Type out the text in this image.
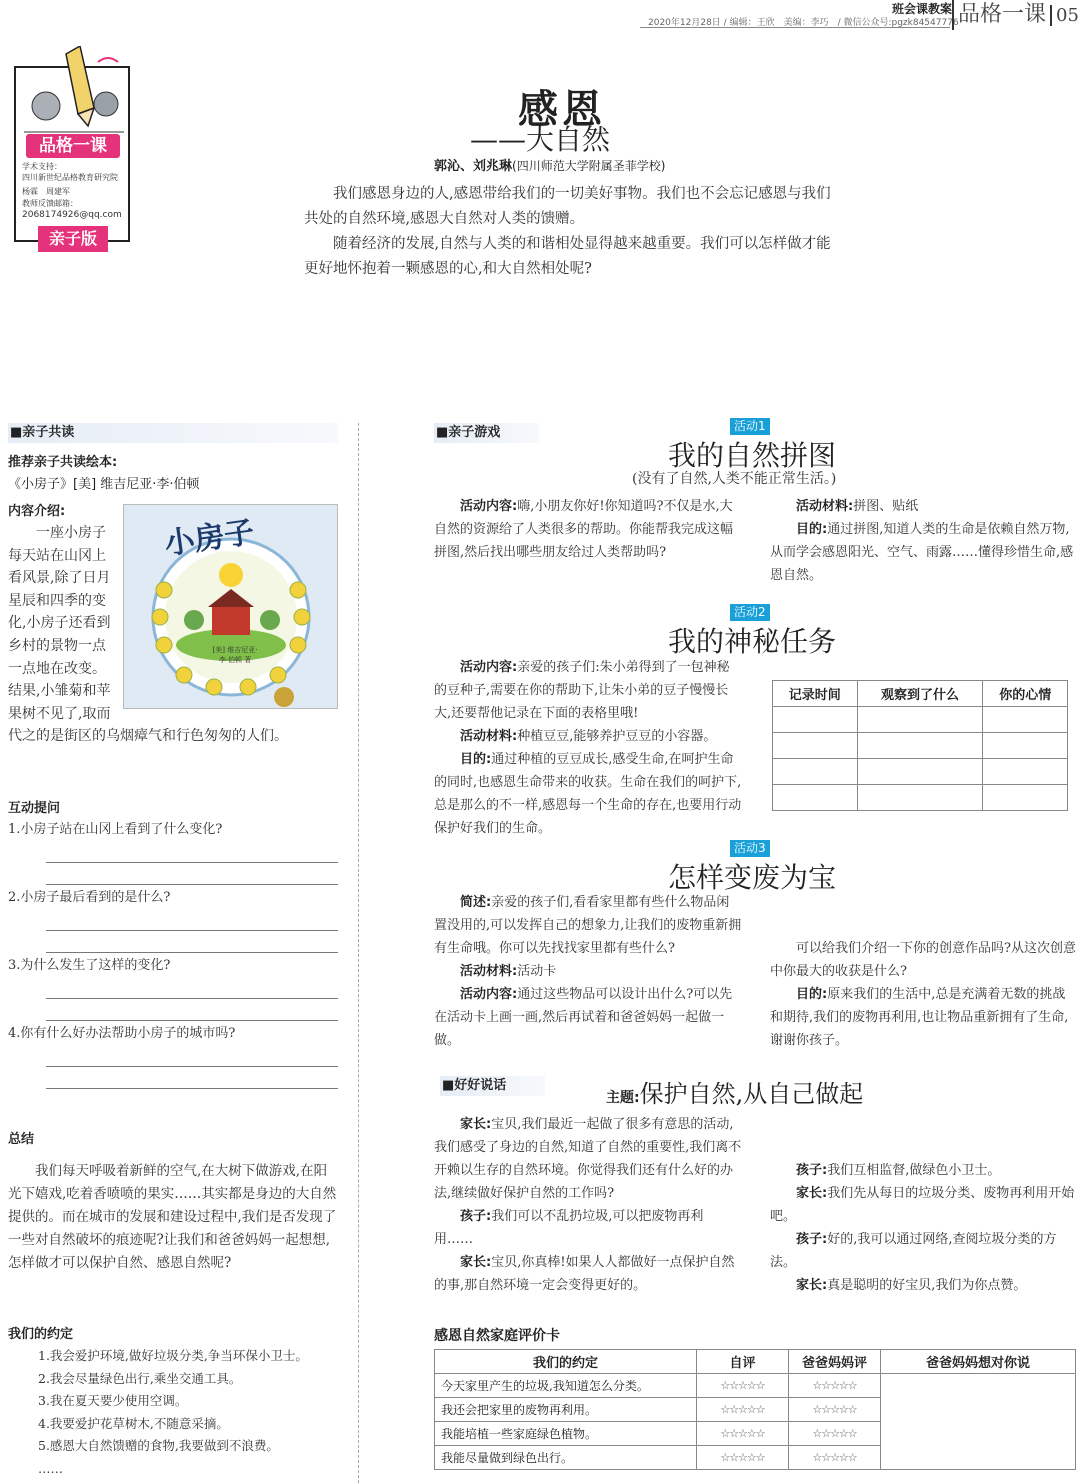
班会课教案
2020年12月28日 / 编辑：王欣　美编：李巧　/ 微信公众号:pgzk84547776 品格一课 05
品格一课
学术支持：
四川新世纪品格教育研究院
杨霖　周建军
教师反馈邮箱：
2068174926@qq.com
亲子版
感恩
——大自然
郭沁、刘兆琳(四川师范大学附属圣菲学校)

我们感恩身边的人,感恩带给我们的一切美好事物。我们也不会忘记感恩与我们共处的自然环境,感恩大自然对人类的馈赠。

随着经济的发展,自然与人类的和谐相处显得越来越重要。我们可以怎样做才能更好地怀抱着一颗感恩的心,和大自然相处呢?

■亲子共读
推荐亲子共读绘本:
《小房子》[美] 维吉尼亚·李·伯顿
内容介绍:
一座小房子每天站在山冈上看风景,除了日月星辰和四季的变化,小房子还看到乡村的景物一点一点地在改变。结果,小雏菊和苹果树不见了,取而代之的是街区的乌烟瘴气和行色匆匆的人们。
小房子
[美] 维吉尼亚·李·伯顿 著
互动提问
1.小房子站在山冈上看到了什么变化?
2.小房子最后看到的是什么?
3.为什么发生了这样的变化?
4.你有什么好办法帮助小房子的城市吗?
总结
我们每天呼吸着新鲜的空气,在大树下做游戏,在阳光下嬉戏,吃着香喷喷的果实……其实都是身边的大自然提供的。而在城市的发展和建设过程中,我们是否发现了一些对自然破坏的痕迹呢?让我们和爸爸妈妈一起想想,怎样做才可以保护自然、感恩自然呢?
我们的约定
1.我会爱护环境,做好垃圾分类,争当环保小卫士。
2.我会尽量绿色出行,乘坐交通工具。
3.我在夏天要少使用空调。
4.我要爱护花草树木,不随意采摘。
5.感恩大自然馈赠的食物,我要做到不浪费。
……
■亲子游戏	活动1
我的自然拼图
(没有了自然,人类不能正常生活。)
活动内容:嗨,小朋友你好!你知道吗?不仅是水,大自然的资源给了人类很多的帮助。你能帮我完成这幅拼图,然后找出哪些朋友给过人类帮助吗?
活动材料:拼图、贴纸
目的:通过拼图,知道人类的生命是依赖自然万物,从而学会感恩阳光、空气、雨露……懂得珍惜生命,感恩自然。
活动2
我的神秘任务
活动内容:亲爱的孩子们:朱小弟得到了一包神秘的豆种子,需要在你的帮助下,让朱小弟的豆子慢慢长大,还要帮他记录在下面的表格里哦!
活动材料:种植豆豆,能够养护豆豆的小容器。
目的:通过种植的豆豆成长,感受生命,在呵护生命的同时,也感恩生命带来的收获。生命在我们的呵护下,总是那么的不一样,感恩每一个生命的存在,也要用行动保护好我们的生命。
记录时间	观察到了什么	你的心情

活动3
怎样变废为宝
简述:亲爱的孩子们,看看家里都有些什么物品闲置没用的,可以发挥自己的想象力,让我们的废物重新拥有生命哦。你可以先找找家里都有些什么?
活动材料:活动卡
活动内容:通过这些物品可以设计出什么?可以先在活动卡上画一画,然后再试着和爸爸妈妈一起做一做。
可以给我们介绍一下你的创意作品吗?从这次创意中你最大的收获是什么?
目的:原来我们的生活中,总是充满着无数的挑战和期待,我们的废物再利用,也让物品重新拥有了生命,谢谢你孩子。
■好好说话
主题:保护自然,从自己做起
家长:宝贝,我们最近一起做了很多有意思的活动,我们感受了身边的自然,知道了自然的重要性,我们离不开赖以生存的自然环境。你觉得我们还有什么好的办法,继续做好保护自然的工作吗?
孩子:我们可以不乱扔垃圾,可以把废物再利用……
家长:宝贝,你真棒!如果人人都做好一点保护自然的事,那自然环境一定会变得更好的。
孩子:我们互相监督,做绿色小卫士。
家长:我们先从每日的垃圾分类、废物再利用开始吧。
孩子:好的,我可以通过网络,查阅垃圾分类的方法。
家长:真是聪明的好宝贝,我们为你点赞。
感恩自然家庭评价卡
我们的约定	自评	爸爸妈妈评	爸爸妈妈想对你说
今天家里产生的垃圾,我知道怎么分类。	☆☆☆☆☆	☆☆☆☆☆	
我还会把家里的废物再利用。	☆☆☆☆☆	☆☆☆☆☆	
我能培植一些家庭绿色植物。	☆☆☆☆☆	☆☆☆☆☆	
我能尽量做到绿色出行。	☆☆☆☆☆	☆☆☆☆☆	
